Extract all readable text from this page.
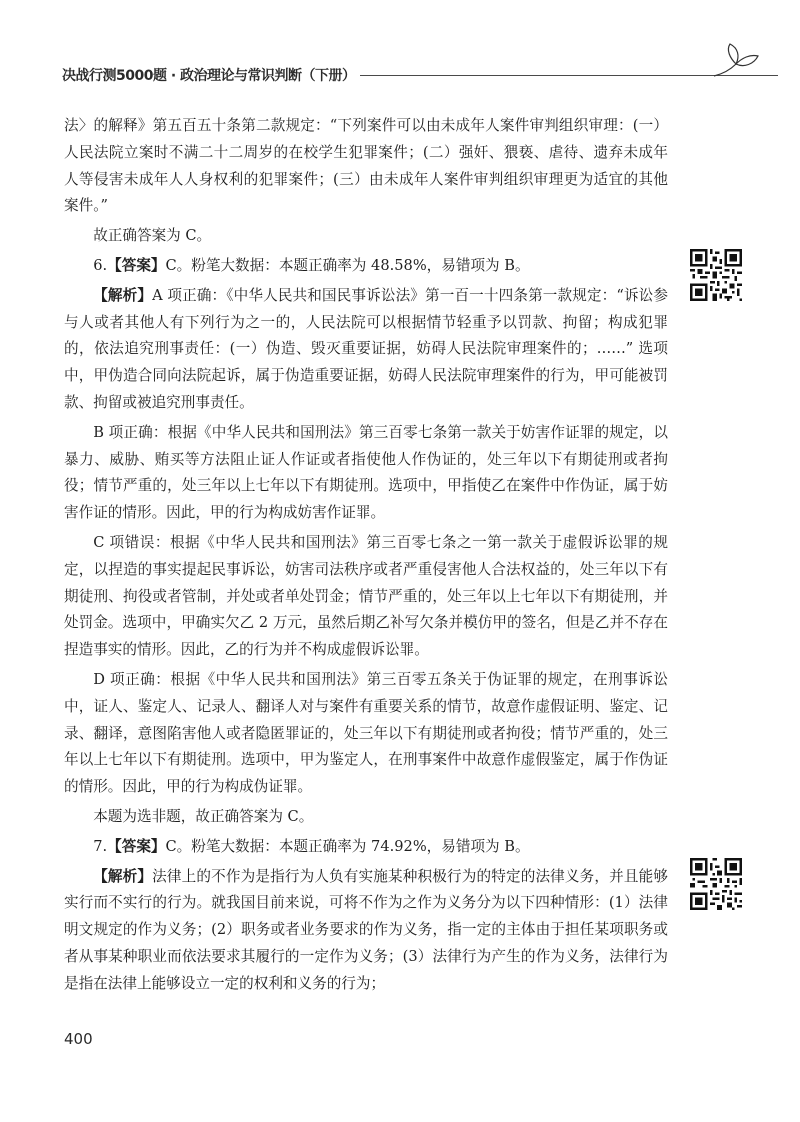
决战行测5000题 · 政治理论与常识判断（下册）

法〉的解释》第五百五十条第二款规定：“下列案件可以由未成年人案件审判组织审理：(一）人民法院立案时不满二十二周岁的在校学生犯罪案件；(二）强奸、猥亵、虐待、遗弃未成年人等侵害未成年人人身权利的犯罪案件；(三）由未成年人案件审判组织审理更为适宜的其他案件。”

故正确答案为 C。

6.【答案】C。粉笔大数据：本题正确率为 48.58%，易错项为 B。

【解析】A 项正确：《中华人民共和国民事诉讼法》第一百一十四条第一款规定：“诉讼参与人或者其他人有下列行为之一的，人民法院可以根据情节轻重予以罚款、拘留；构成犯罪的，依法追究刑事责任：(一）伪造、毁灭重要证据，妨碍人民法院审理案件的；……” 选项中，甲伪造合同向法院起诉，属于伪造重要证据，妨碍人民法院审理案件的行为，甲可能被罚款、拘留或被追究刑事责任。

B 项正确：根据《中华人民共和国刑法》第三百零七条第一款关于妨害作证罪的规定，以暴力、威胁、贿买等方法阻止证人作证或者指使他人作伪证的，处三年以下有期徒刑或者拘役；情节严重的，处三年以上七年以下有期徒刑。选项中，甲指使乙在案件中作伪证，属于妨害作证的情形。因此，甲的行为构成妨害作证罪。

C 项错误：根据《中华人民共和国刑法》第三百零七条之一第一款关于虚假诉讼罪的规定，以捏造的事实提起民事诉讼，妨害司法秩序或者严重侵害他人合法权益的，处三年以下有期徒刑、拘役或者管制，并处或者单处罚金；情节严重的，处三年以上七年以下有期徒刑，并处罚金。选项中，甲确实欠乙 2 万元，虽然后期乙补写欠条并模仿甲的签名，但是乙并不存在捏造事实的情形。因此，乙的行为并不构成虚假诉讼罪。

D 项正确：根据《中华人民共和国刑法》第三百零五条关于伪证罪的规定，在刑事诉讼中，证人、鉴定人、记录人、翻译人对与案件有重要关系的情节，故意作虚假证明、鉴定、记录、翻译，意图陷害他人或者隐匿罪证的，处三年以下有期徒刑或者拘役；情节严重的，处三年以上七年以下有期徒刑。选项中，甲为鉴定人，在刑事案件中故意作虚假鉴定，属于作伪证的情形。因此，甲的行为构成伪证罪。

本题为选非题，故正确答案为 C。

7.【答案】C。粉笔大数据：本题正确率为 74.92%，易错项为 B。

【解析】法律上的不作为是指行为人负有实施某种积极行为的特定的法律义务，并且能够实行而不实行的行为。就我国目前来说，可将不作为之作为义务分为以下四种情形：(1）法律明文规定的作为义务；(2）职务或者业务要求的作为义务，指一定的主体由于担任某项职务或者从事某种职业而依法要求其履行的一定作为义务；(3）法律行为产生的作为义务，法律行为是指在法律上能够设立一定的权利和义务的行为；

400
